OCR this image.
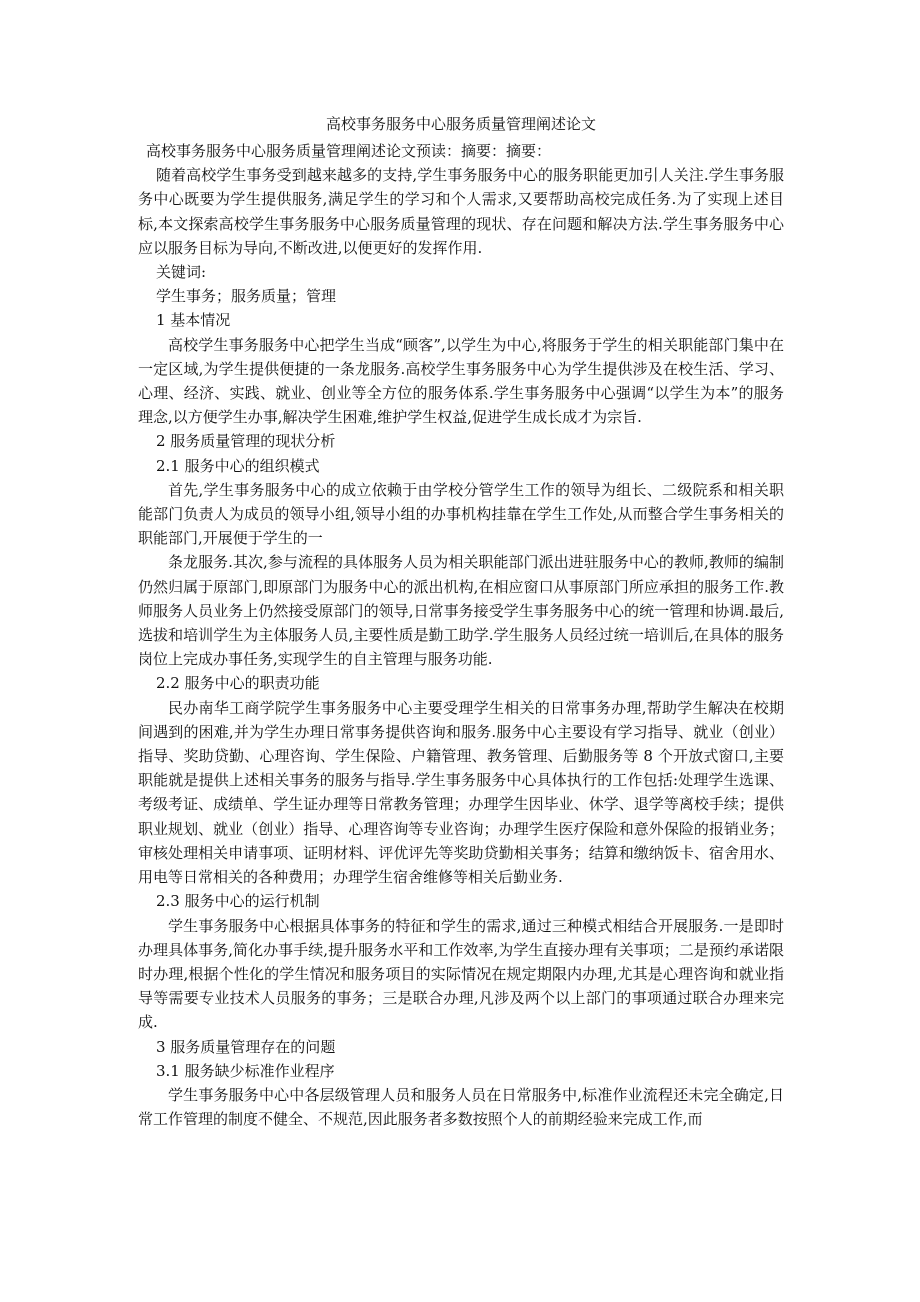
高校事务服务中心服务质量管理阐述论文

高校事务服务中心服务质量管理阐述论文预读：摘要：摘要：

随着高校学生事务受到越来越多的支持,学生事务服务中心的服务职能更加引人关注.学生事务服务中心既要为学生提供服务,满足学生的学习和个人需求,又要帮助高校完成任务.为了实现上述目标,本文探索高校学生事务服务中心服务质量管理的现状、存在问题和解决方法.学生事务服务中心应以服务目标为导向,不断改进,以便更好的发挥作用.

关键词:

学生事务；服务质量；管理

1 基本情况

高校学生事务服务中心把学生当成“顾客”,以学生为中心,将服务于学生的相关职能部门集中在一定区域,为学生提供便捷的一条龙服务.高校学生事务服务中心为学生提供涉及在校生活、学习、心理、经济、实践、就业、创业等全方位的服务体系.学生事务服务中心强调“以学生为本”的服务理念,以方便学生办事,解决学生困难,维护学生权益,促进学生成长成才为宗旨.

2 服务质量管理的现状分析

2.1 服务中心的组织模式

首先,学生事务服务中心的成立依赖于由学校分管学生工作的领导为组长、二级院系和相关职能部门负责人为成员的领导小组,领导小组的办事机构挂靠在学生工作处,从而整合学生事务相关的职能部门,开展便于学生的一

条龙服务.其次,参与流程的具体服务人员为相关职能部门派出进驻服务中心的教师,教师的编制仍然归属于原部门,即原部门为服务中心的派出机构,在相应窗口从事原部门所应承担的服务工作.教师服务人员业务上仍然接受原部门的领导,日常事务接受学生事务服务中心的统一管理和协调.最后,选拔和培训学生为主体服务人员,主要性质是勤工助学.学生服务人员经过统一培训后,在具体的服务岗位上完成办事任务,实现学生的自主管理与服务功能.

2.2 服务中心的职责功能

民办南华工商学院学生事务服务中心主要受理学生相关的日常事务办理,帮助学生解决在校期间遇到的困难,并为学生办理日常事务提供咨询和服务.服务中心主要设有学习指导、就业（创业）指导、奖助贷勤、心理咨询、学生保险、户籍管理、教务管理、后勤服务等 8 个开放式窗口,主要职能就是提供上述相关事务的服务与指导.学生事务服务中心具体执行的工作包括:处理学生选课、考级考证、成绩单、学生证办理等日常教务管理；办理学生因毕业、休学、退学等离校手续；提供职业规划、就业（创业）指导、心理咨询等专业咨询；办理学生医疗保险和意外保险的报销业务；审核处理相关申请事项、证明材料、评优评先等奖助贷勤相关事务；结算和缴纳饭卡、宿舍用水、用电等日常相关的各种费用；办理学生宿舍维修等相关后勤业务.

2.3 服务中心的运行机制

学生事务服务中心根据具体事务的特征和学生的需求,通过三种模式相结合开展服务.一是即时办理具体事务,简化办事手续,提升服务水平和工作效率,为学生直接办理有关事项；二是预约承诺限时办理,根据个性化的学生情况和服务项目的实际情况在规定期限内办理,尤其是心理咨询和就业指导等需要专业技术人员服务的事务；三是联合办理,凡涉及两个以上部门的事项通过联合办理来完成.

3 服务质量管理存在的问题

3.1 服务缺少标准作业程序

学生事务服务中心中各层级管理人员和服务人员在日常服务中,标准作业流程还未完全确定,日常工作管理的制度不健全、不规范,因此服务者多数按照个人的前期经验来完成工作,而
